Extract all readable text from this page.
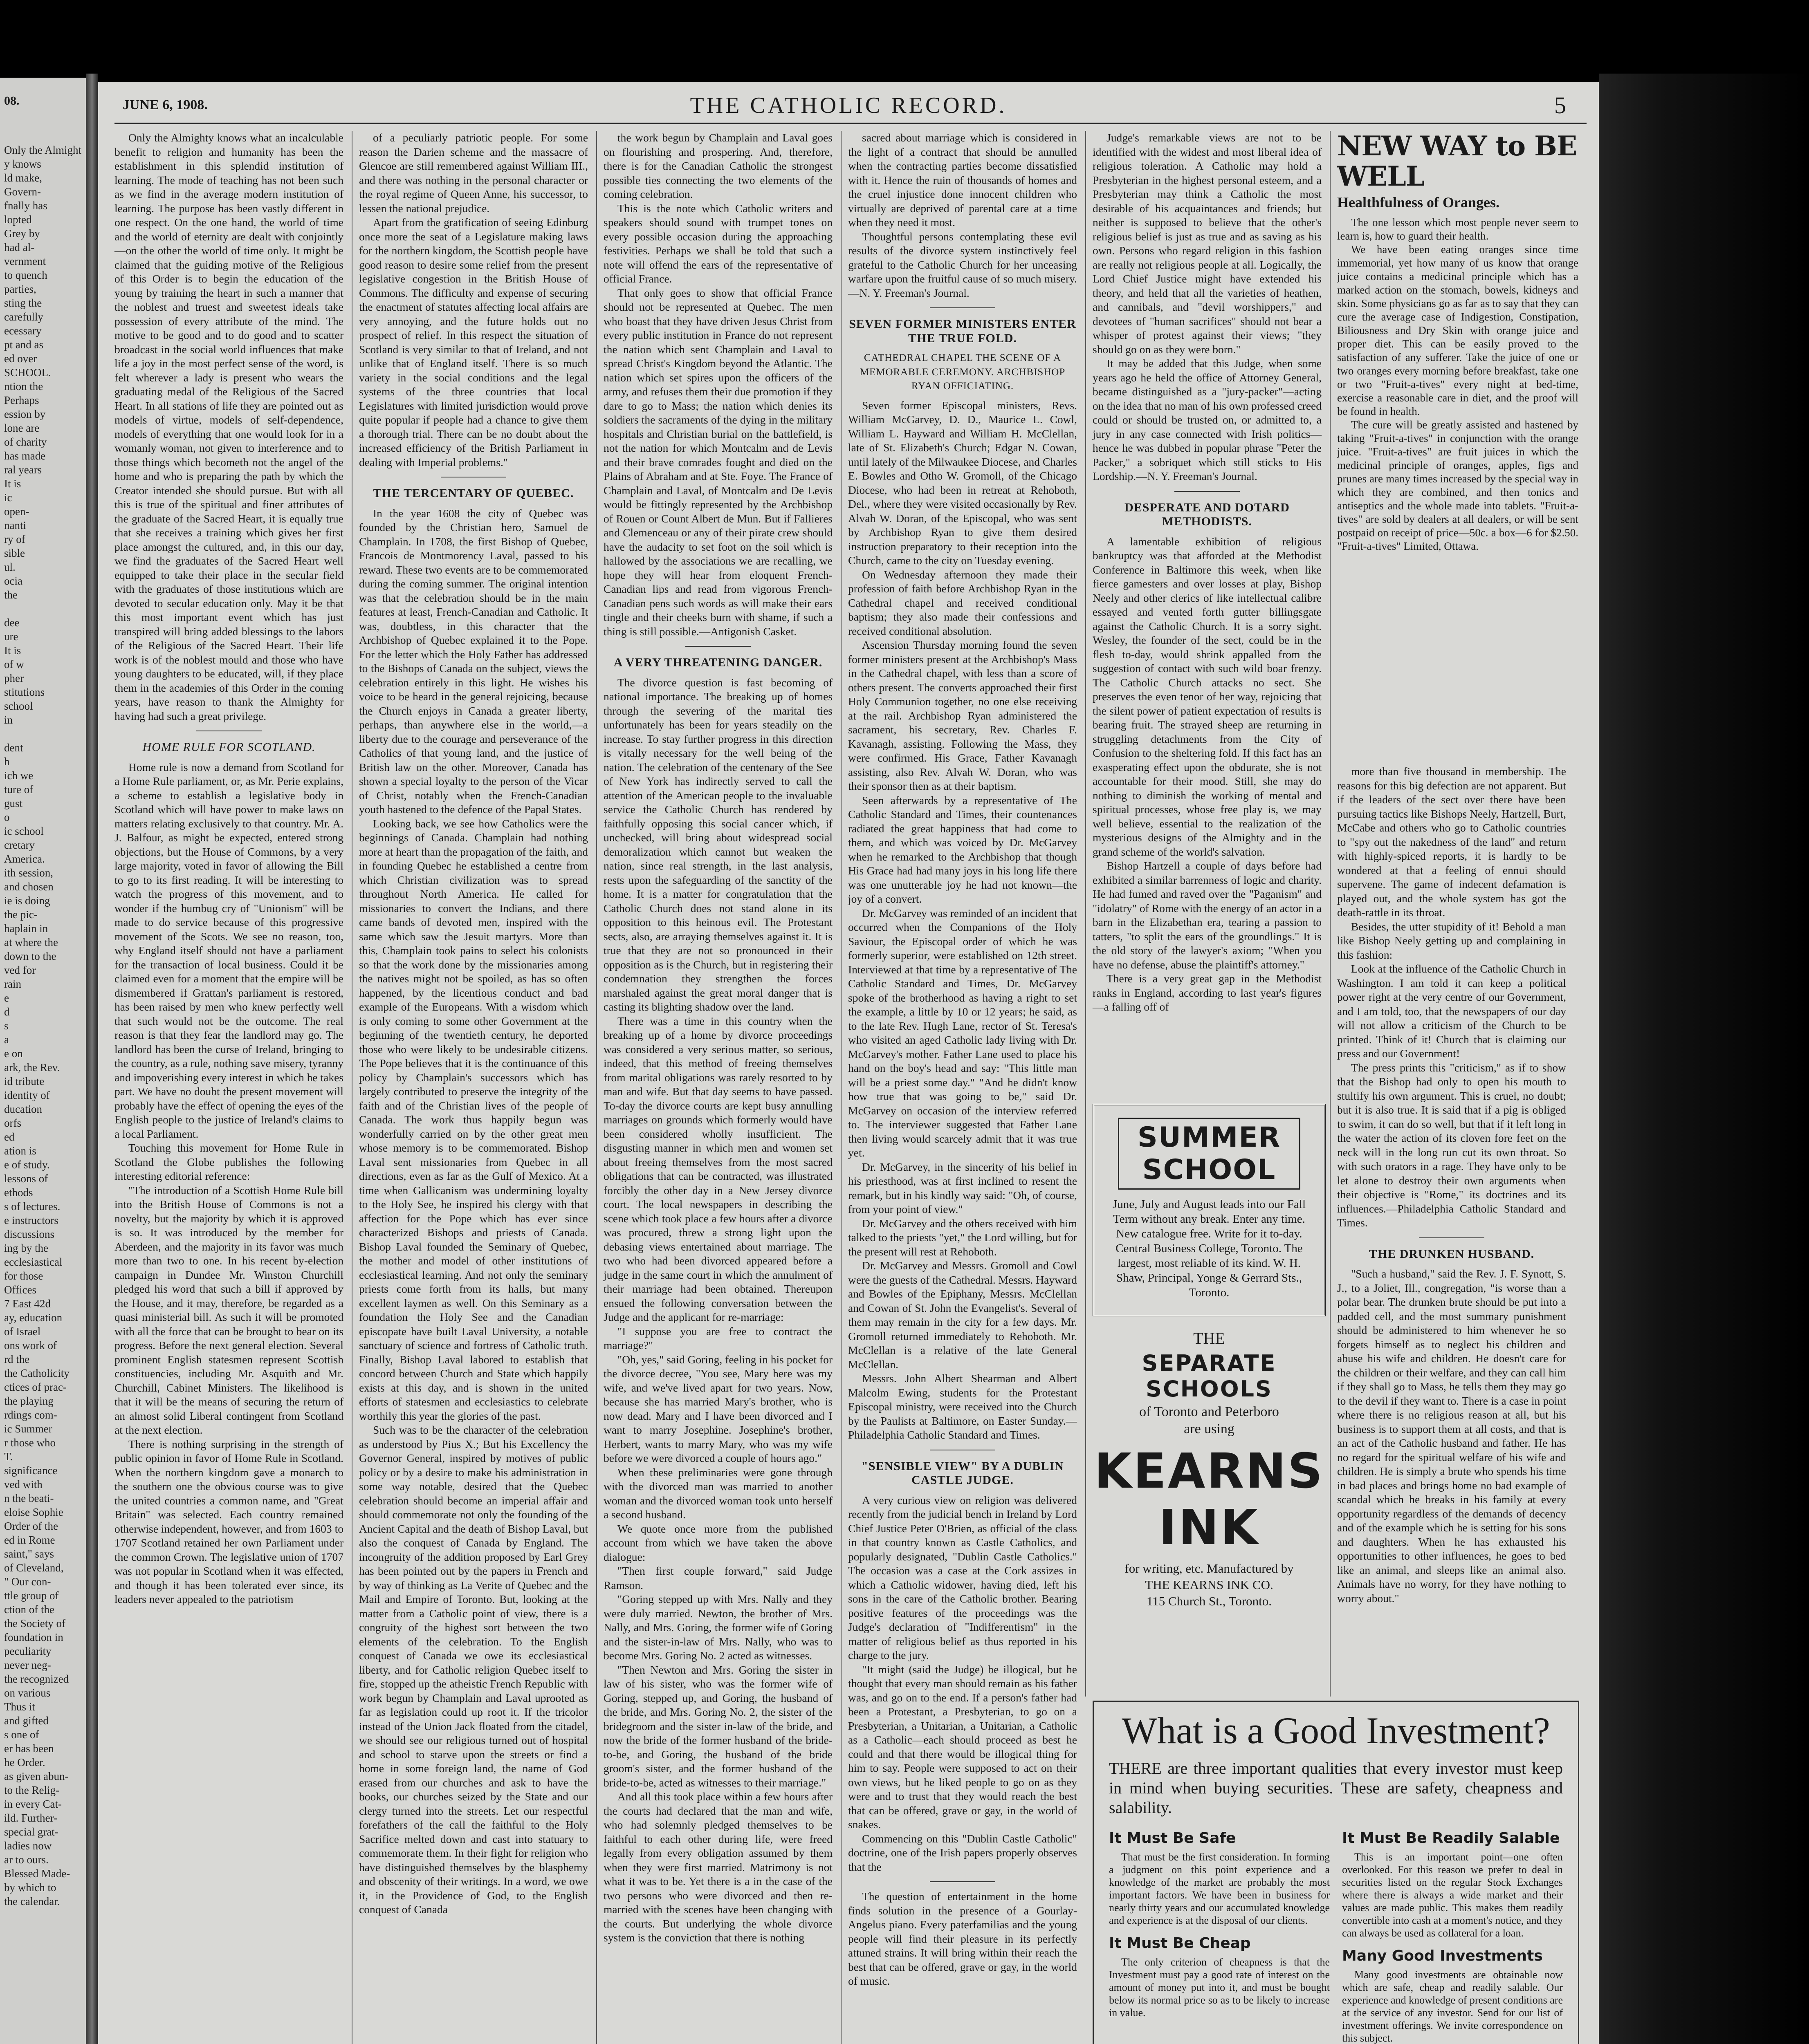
Only the Almighty knows
ld make,
Govern-
fnally has
lopted
Grey by
had al-
vernment
to quench
parties,
sting the
carefully
ecessary
pt and as
ed over
SCHOOL.
ntion the
Perhaps
ession by
lone are
of charity
has made
ral years
It is
ic
open-
nanti
ry of
sible
ul.
ocia
the

dee
ure
It is
of w
pher
stitutions
school
in

dent
h
ich we
ture of
gust
o
ic school
cretary
America.
ith session,
and chosen
ie is doing
the pic-
haplain in
at where the
down to the
ved for
rain
e
d
s
a
e on
ark, the Rev.
id tribute
identity of
ducation
orfs
ed
ation is
e of study.
lessons of
ethods
s of lectures.
e instructors
discussions
ing by the
ecclesiastical
for those
Offices
7 East 42d
ay, education
of Israel
ons work of
rd the
the Catholicity
ctices of prac-
the playing
rdings com-
ic Summer
r those who
T.
significance
ved with
n the beati-
eloise Sophie
Order of the
ed in Rome
saint," says
of Cleveland,
" Our con-
ttle group of
ction of the
the Society of
foundation in
peculiarity
never neg-
the recognized
on various
Thus it
and gifted
s one of
er has been
he Order.
as given abun-
to the Relig-
in every Cat-
ild. Further-
special grat-
ladies now
ar to ours.
Blessed Made-
by which to
the calendar.
08.	JUNE 6, 1908.	THE CATHOLIC RECORD.	5

Only the Almighty knows what an incalculable benefit to religion and humanity has been the establishment in this splendid institution of learning. The mode of teaching has not been such as we find in the average modern institution of learning. The purpose has been vastly different in one respect. On the one hand, the world of time and the world of eternity are dealt with conjointly—on the other the world of time only. It might be claimed that the guiding motive of the Religious of this Order is to begin the education of the young by training the heart in such a manner that the noblest and truest and sweetest ideals take possession of every attribute of the mind. The motive to be good and to do good and to scatter broadcast in the social world influences that make life a joy in the most perfect sense of the word, is felt wherever a lady is present who wears the graduating medal of the Religious of the Sacred Heart. In all stations of life they are pointed out as models of virtue, models of self-dependence, models of everything that one would look for in a womanly woman, not given to interference and to those things which becometh not the angel of the home and who is preparing the path by which the Creator intended she should pursue. But with all this is true of the spiritual and finer attributes of the graduate of the Sacred Heart, it is equally true that she receives a training which gives her first place amongst the cultured, and, in this our day, we find the graduates of the Sacred Heart well equipped to take their place in the secular field with the graduates of those institutions which are devoted to secular education only. May it be that this most important event which has just transpired will bring added blessings to the labors of the Religious of the Sacred Heart. Their life work is of the noblest mould and those who have young daughters to be educated, will, if they place them in the academies of this Order in the coming years, have reason to thank the Almighty for having had such a great privilege.

HOME RULE FOR SCOTLAND.

Home rule is now a demand from Scotland for a Home Rule parliament, or, as Mr. Perie explains, a scheme to establish a legislative body in Scotland which will have power to make laws on matters relating exclusively to that country. Mr. A. J. Balfour, as might be expected, entered strong objections, but the House of Commons, by a very large majority, voted in favor of allowing the Bill to go to its first reading. It will be interesting to watch the progress of this movement, and to wonder if the humbug cry of "Unionism" will be made to do service because of this progressive movement of the Scots. We see no reason, too, why England itself should not have a parliament for the transaction of local business. Could it be claimed even for a moment that the empire will be dismembered if Grattan's parliament is restored, has been raised by men who knew perfectly well that such would not be the outcome. The real reason is that they fear the landlord may go. The landlord has been the curse of Ireland, bringing to the country, as a rule, nothing save misery, tyranny and impoverishing every interest in which he takes part. We have no doubt the present movement will probably have the effect of opening the eyes of the English people to the justice of Ireland's claims to a local Parliament.

Touching this movement for Home Rule in Scotland the Globe publishes the following interesting editorial reference:

"The introduction of a Scottish Home Rule bill into the British House of Commons is not a novelty, but the majority by which it is approved is so. It was introduced by the member for Aberdeen, and the majority in its favor was much more than two to one. In his recent by-election campaign in Dundee Mr. Winston Churchill pledged his word that such a bill if approved by the House, and it may, therefore, be regarded as a quasi ministerial bill. As such it will be promoted with all the force that can be brought to bear on its progress. Before the next general election. Several prominent English statesmen represent Scottish constituencies, including Mr. Asquith and Mr. Churchill, Cabinet Ministers. The likelihood is that it will be the means of securing the return of an almost solid Liberal contingent from Scotland at the next election.

There is nothing surprising in the strength of public opinion in favor of Home Rule in Scotland. When the northern kingdom gave a monarch to the southern one the obvious course was to give the united countries a common name, and "Great Britain" was selected. Each country remained otherwise independent, however, and from 1603 to 1707 Scotland retained her own Parliament under the common Crown. The legislative union of 1707 was not popular in Scotland when it was effected, and though it has been tolerated ever since, its leaders never appealed to the patriotism

of a peculiarly patriotic people. For some reason the Darien scheme and the massacre of Glencoe are still remembered against William III., and there was nothing in the personal character or the royal regime of Queen Anne, his successor, to lessen the national prejudice.

Apart from the gratification of seeing Edinburg once more the seat of a Legislature making laws for the northern kingdom, the Scottish people have good reason to desire some relief from the present legislative congestion in the British House of Commons. The difficulty and expense of securing the enactment of statutes affecting local affairs are very annoying, and the future holds out no prospect of relief. In this respect the situation of Scotland is very similar to that of Ireland, and not unlike that of England itself. There is so much variety in the social conditions and the legal systems of the three countries that local Legislatures with limited jurisdiction would prove quite popular if people had a chance to give them a thorough trial. There can be no doubt about the increased efficiency of the British Parliament in dealing with Imperial problems."

THE TERCENTARY OF QUEBEC.

In the year 1608 the city of Quebec was founded by the Christian hero, Samuel de Champlain. In 1708, the first Bishop of Quebec, Francois de Montmorency Laval, passed to his reward. These two events are to be commemorated during the coming summer. The original intention was that the celebration should be in the main features at least, French-Canadian and Catholic. It was, doubtless, in this character that the Archbishop of Quebec explained it to the Pope. For the letter which the Holy Father has addressed to the Bishops of Canada on the subject, views the celebration entirely in this light. He wishes his voice to be heard in the general rejoicing, because the Church enjoys in Canada a greater liberty, perhaps, than anywhere else in the world,—a liberty due to the courage and perseverance of the Catholics of that young land, and the justice of British law on the other. Moreover, Canada has shown a special loyalty to the person of the Vicar of Christ, notably when the French-Canadian youth hastened to the defence of the Papal States.

Looking back, we see how Catholics were the beginnings of Canada. Champlain had nothing more at heart than the propagation of the faith, and in founding Quebec he established a centre from which Christian civilization was to spread throughout North America. He called for missionaries to convert the Indians, and there came bands of devoted men, inspired with the same which saw the Jesuit martyrs. More than this, Champlain took pains to select his colonists so that the work done by the missionaries among the natives might not be spoiled, as has so often happened, by the licentious conduct and bad example of the Europeans. With a wisdom which is only coming to some other Government at the beginning of the twentieth century, he deported those who were likely to be undesirable citizens. The Pope believes that it is the continuance of this policy by Champlain's successors which has largely contributed to preserve the integrity of the faith and of the Christian lives of the people of Canada. The work thus happily begun was wonderfully carried on by the other great men whose memory is to be commemorated. Bishop Laval sent missionaries from Quebec in all directions, even as far as the Gulf of Mexico. At a time when Gallicanism was undermining loyalty to the Holy See, he inspired his clergy with that affection for the Pope which has ever since characterized Bishops and priests of Canada. Bishop Laval founded the Seminary of Quebec, the mother and model of other institutions of ecclesiastical learning. And not only the seminary priests come forth from its halls, but many excellent laymen as well. On this Seminary as a foundation the Holy See and the Canadian episcopate have built Laval University, a notable sanctuary of science and fortress of Catholic truth. Finally, Bishop Laval labored to establish that concord between Church and State which happily exists at this day, and is shown in the united efforts of statesmen and ecclesiastics to celebrate worthily this year the glories of the past.

Such was to be the character of the celebration as understood by Pius X.; But his Excellency the Governor General, inspired by motives of public policy or by a desire to make his administration in some way notable, desired that the Quebec celebration should become an imperial affair and should commemorate not only the founding of the Ancient Capital and the death of Bishop Laval, but also the conquest of Canada by England. The incongruity of the addition proposed by Earl Grey has been pointed out by the papers in French and by way of thinking as La Verite of Quebec and the Mail and Empire of Toronto. But, looking at the matter from a Catholic point of view, there is a congruity of the highest sort between the two elements of the celebration. To the English conquest of Canada we owe its ecclesiastical liberty, and for Catholic religion Quebec itself to fire, stopped up the atheistic French Republic with work begun by Champlain and Laval uprooted as far as legislation could up root it. If the tricolor instead of the Union Jack floated from the citadel, we should see our religious turned out of hospital and school to starve upon the streets or find a home in some foreign land, the name of God erased from our churches and ask to have the books, our churches seized by the State and our clergy turned into the streets. Let our respectful forefathers of the call the faithful to the Holy Sacrifice melted down and cast into statuary to commemorate them. In their fight for religion who have distinguished themselves by the blasphemy and obscenity of their writings. In a word, we owe it, in the Providence of God, to the English conquest of Canada

the work begun by Champlain and Laval goes on flourishing and prospering. And, therefore, there is for the Canadian Catholic the strongest possible ties connecting the two elements of the coming celebration.

This is the note which Catholic writers and speakers should sound with trumpet tones on every possible occasion during the approaching festivities. Perhaps we shall be told that such a note will offend the ears of the representative of official France.

That only goes to show that official France should not be represented at Quebec. The men who boast that they have driven Jesus Christ from every public institution in France do not represent the nation which sent Champlain and Laval to spread Christ's Kingdom beyond the Atlantic. The nation which set spires upon the officers of the army, and refuses them their due promotion if they dare to go to Mass; the nation which denies its soldiers the sacraments of the dying in the military hospitals and Christian burial on the battlefield, is not the nation for which Montcalm and de Levis and their brave comrades fought and died on the Plains of Abraham and at Ste. Foye. The France of Champlain and Laval, of Montcalm and De Levis would be fittingly represented by the Archbishop of Rouen or Count Albert de Mun. But if Fallieres and Clemenceau or any of their pirate crew should have the audacity to set foot on the soil which is hallowed by the associations we are recalling, we hope they will hear from eloquent French-Canadian lips and read from vigorous French-Canadian pens such words as will make their ears tingle and their cheeks burn with shame, if such a thing is still possible.—Antigonish Casket.

A VERY THREATENING DANGER.

The divorce question is fast becoming of national importance. The breaking up of homes through the severing of the marital ties unfortunately has been for years steadily on the increase. To stay further progress in this direction is vitally necessary for the well being of the nation. The celebration of the centenary of the See of New York has indirectly served to call the attention of the American people to the invaluable service the Catholic Church has rendered by faithfully opposing this social cancer which, if unchecked, will bring about widespread social demoralization which cannot but weaken the nation, since real strength, in the last analysis, rests upon the safeguarding of the sanctity of the home. It is a matter for congratulation that the Catholic Church does not stand alone in its opposition to this heinous evil. The Protestant sects, also, are arraying themselves against it. It is true that they are not so pronounced in their opposition as is the Church, but in registering their condemnation they strengthen the forces marshaled against the great moral danger that is casting its blighting shadow over the land.

There was a time in this country when the breaking up of a home by divorce proceedings was considered a very serious matter, so serious, indeed, that this method of freeing themselves from marital obligations was rarely resorted to by man and wife. But that day seems to have passed. To-day the divorce courts are kept busy annulling marriages on grounds which formerly would have been considered wholly insufficient. The disgusting manner in which men and women set about freeing themselves from the most sacred obligations that can be contracted, was illustrated forcibly the other day in a New Jersey divorce court. The local newspapers in describing the scene which took place a few hours after a divorce was procured, threw a strong light upon the debasing views entertained about marriage. The two who had been divorced appeared before a judge in the same court in which the annulment of their marriage had been obtained. Thereupon ensued the following conversation between the Judge and the applicant for re-marriage:

"I suppose you are free to contract the marriage?"

"Oh, yes," said Goring, feeling in his pocket for the divorce decree, "You see, Mary here was my wife, and we've lived apart for two years. Now, because she has married Mary's brother, who is now dead. Mary and I have been divorced and I want to marry Josephine. Josephine's brother, Herbert, wants to marry Mary, who was my wife before we were divorced a couple of hours ago."

When these preliminaries were gone through with the divorced man was married to another woman and the divorced woman took unto herself a second husband.

We quote once more from the published account from which we have taken the above dialogue:

"Then first couple forward," said Judge Ramson.

"Goring stepped up with Mrs. Nally and they were duly married. Newton, the brother of Mrs. Nally, and Mrs. Goring, the former wife of Goring and the sister-in-law of Mrs. Nally, who was to become Mrs. Goring No. 2 acted as witnesses.

"Then Newton and Mrs. Goring the sister in law of his sister, who was the former wife of Goring, stepped up, and Goring, the husband of the bride, and Mrs. Goring No. 2, the sister of the bridegroom and the sister in-law of the bride, and now the bride of the former husband of the bride-to-be, and Goring, the husband of the bride groom's sister, and the former husband of the bride-to-be, acted as witnesses to their marriage."

And all this took place within a few hours after the courts had declared that the man and wife, who had solemnly pledged themselves to be faithful to each other during life, were freed legally from every obligation assumed by them when they were first married. Matrimony is not what it was to be. Yet there is a in the case of the two persons who were divorced and then re-married with the scenes have been changing with the courts. But underlying the whole divorce system is the conviction that there is nothing

sacred about marriage which is considered in the light of a contract that should be annulled when the contracting parties become dissatisfied with it. Hence the ruin of thousands of homes and the cruel injustice done innocent children who virtually are deprived of parental care at a time when they need it most.

Thoughtful persons contemplating these evil results of the divorce system instinctively feel grateful to the Catholic Church for her unceasing warfare upon the fruitful cause of so much misery.—N. Y. Freeman's Journal.

SEVEN FORMER MINISTERS ENTER THE TRUE FOLD.
CATHEDRAL CHAPEL THE SCENE OF A MEMORABLE CEREMONY. ARCHBISHOP RYAN OFFICIATING.

Seven former Episcopal ministers, Revs. William McGarvey, D. D., Maurice L. Cowl, William L. Hayward and William H. McClellan, late of St. Elizabeth's Church; Edgar N. Cowan, until lately of the Milwaukee Diocese, and Charles E. Bowles and Otho W. Gromoll, of the Chicago Diocese, who had been in retreat at Rehoboth, Del., where they were visited occasionally by Rev. Alvah W. Doran, of the Episcopal, who was sent by Archbishop Ryan to give them desired instruction preparatory to their reception into the Church, came to the city on Tuesday evening.

On Wednesday afternoon they made their profession of faith before Archbishop Ryan in the Cathedral chapel and received conditional baptism; they also made their confessions and received conditional absolution.

Ascension Thursday morning found the seven former ministers present at the Archbishop's Mass in the Cathedral chapel, with less than a score of others present. The converts approached their first Holy Communion together, no one else receiving at the rail. Archbishop Ryan administered the sacrament, his secretary, Rev. Charles F. Kavanagh, assisting. Following the Mass, they were confirmed. His Grace, Father Kavanagh assisting, also Rev. Alvah W. Doran, who was their sponsor then as at their baptism.

Seen afterwards by a representative of The Catholic Standard and Times, their countenances radiated the great happiness that had come to them, and which was voiced by Dr. McGarvey when he remarked to the Archbishop that though His Grace had had many joys in his long life there was one unutterable joy he had not known—the joy of a convert.

Dr. McGarvey was reminded of an incident that occurred when the Companions of the Holy Saviour, the Episcopal order of which he was formerly superior, were established on 12th street. Interviewed at that time by a representative of The Catholic Standard and Times, Dr. McGarvey spoke of the brotherhood as having a right to set the example, a little by 10 or 12 years; he said, as to the late Rev. Hugh Lane, rector of St. Teresa's who visited an aged Catholic lady living with Dr. McGarvey's mother. Father Lane used to place his hand on the boy's head and say: "This little man will be a priest some day." "And he didn't know how true that was going to be," said Dr. McGarvey on occasion of the interview referred to. The interviewer suggested that Father Lane then living would scarcely admit that it was true yet.

Dr. McGarvey, in the sincerity of his belief in his priesthood, was at first inclined to resent the remark, but in his kindly way said: "Oh, of course, from your point of view."

Dr. McGarvey and the others received with him talked to the priests "yet," the Lord willing, but for the present will rest at Rehoboth.

Dr. McGarvey and Messrs. Gromoll and Cowl were the guests of the Cathedral. Messrs. Hayward and Bowles of the Epiphany, Messrs. McClellan and Cowan of St. John the Evangelist's. Several of them may remain in the city for a few days. Mr. Gromoll returned immediately to Rehoboth. Mr. McClellan is a relative of the late General McClellan.

Messrs. John Albert Shearman and Albert Malcolm Ewing, students for the Protestant Episcopal ministry, were received into the Church by the Paulists at Baltimore, on Easter Sunday.—Philadelphia Catholic Standard and Times.

"SENSIBLE VIEW" BY A DUBLIN CASTLE JUDGE.

A very curious view on religion was delivered recently from the judicial bench in Ireland by Lord Chief Justice Peter O'Brien, as official of the class in that country known as Castle Catholics, and popularly designated, "Dublin Castle Catholics." The occasion was a case at the Cork assizes in which a Catholic widower, having died, left his sons in the care of the Catholic brother. Bearing positive features of the proceedings was the Judge's declaration of "Indifferentism" in the matter of religious belief as thus reported in his charge to the jury.

"It might (said the Judge) be illogical, but he thought that every man should remain as his father was, and go on to the end. If a person's father had been a Protestant, a Presbyterian, to go on a Presbyterian, a Unitarian, a Unitarian, a Catholic as a Catholic—each should proceed as best he could and that there would be illogical thing for him to say. People were supposed to act on their own views, but he liked people to go on as they were and to trust that they would reach the best that can be offered, grave or gay, in the world of snakes.

Commencing on this "Dublin Castle Catholic" doctrine, one of the Irish papers properly observes that the

The question of entertainment in the home finds solution in the presence of a Gourlay-Angelus piano. Every paterfamilias and the young people will find their pleasure in its perfectly attuned strains. It will bring within their reach the best that can be offered, grave or gay, in the world of music.

Judge's remarkable views are not to be identified with the widest and most liberal idea of religious toleration. A Catholic may hold a Presbyterian in the highest personal esteem, and a Presbyterian may think a Catholic the most desirable of his acquaintances and friends; but neither is supposed to believe that the other's religious belief is just as true and as saving as his own. Persons who regard religion in this fashion are really not religious people at all. Logically, the Lord Chief Justice might have extended his theory, and held that all the varieties of heathen, and cannibals, and "devil worshippers," and devotees of "human sacrifices" should not bear a whisper of protest against their views; "they should go on as they were born."

It may be added that this Judge, when some years ago he held the office of Attorney General, became distinguished as a "jury-packer"—acting on the idea that no man of his own professed creed could or should be trusted on, or admitted to, a jury in any case connected with Irish politics—hence he was dubbed in popular phrase "Peter the Packer," a sobriquet which still sticks to His Lordship.—N. Y. Freeman's Journal.

DESPERATE AND DOTARD METHODISTS.

A lamentable exhibition of religious bankruptcy was that afforded at the Methodist Conference in Baltimore this week, when like fierce gamesters and over losses at play, Bishop Neely and other clerics of like intellectual calibre essayed and vented forth gutter billingsgate against the Catholic Church. It is a sorry sight. Wesley, the founder of the sect, could be in the flesh to-day, would shrink appalled from the suggestion of contact with such wild boar frenzy. The Catholic Church attacks no sect. She preserves the even tenor of her way, rejoicing that the silent power of patient expectation of results is bearing fruit. The strayed sheep are returning in struggling detachments from the City of Confusion to the sheltering fold. If this fact has an exasperating effect upon the obdurate, she is not accountable for their mood. Still, she may do nothing to diminish the working of mental and spiritual processes, whose free play is, we may well believe, essential to the realization of the mysterious designs of the Almighty and in the grand scheme of the world's salvation.

Bishop Hartzell a couple of days before had exhibited a similar barrenness of logic and charity. He had fumed and raved over the "Paganism" and "idolatry" of Rome with the energy of an actor in a barn in the Elizabethan era, tearing a passion to tatters, "to split the ears of the groundlings." It is the old story of the lawyer's axiom; "When you have no defense, abuse the plaintiff's attorney."

There is a very great gap in the Methodist ranks in England, according to last year's figures—a falling off of

NEW WAY to BE WELL
Healthfulness of Oranges.

The one lesson which most people never seem to learn is, how to guard their health.

We have been eating oranges since time immemorial, yet how many of us know that orange juice contains a medicinal principle which has a marked action on the stomach, bowels, kidneys and skin. Some physicians go as far as to say that they can cure the average case of Indigestion, Constipation, Biliousness and Dry Skin with orange juice and proper diet. This can be easily proved to the satisfaction of any sufferer. Take the juice of one or two oranges every morning before breakfast, take one or two "Fruit-a-tives" every night at bed-time, exercise a reasonable care in diet, and the proof will be found in health.

The cure will be greatly assisted and hastened by taking "Fruit-a-tives" in conjunction with the orange juice. "Fruit-a-tives" are fruit juices in which the medicinal principle of oranges, apples, figs and prunes are many times increased by the special way in which they are combined, and then tonics and antiseptics and the whole made into tablets. "Fruit-a-tives" are sold by dealers at all dealers, or will be sent postpaid on receipt of price—50c. a box—6 for $2.50. "Fruit-a-tives" Limited, Ottawa.

more than five thousand in membership. The reasons for this big defection are not apparent. But if the leaders of the sect over there have been pursuing tactics like Bishops Neely, Hartzell, Burt, McCabe and others who go to Catholic countries to "spy out the nakedness of the land" and return with highly-spiced reports, it is hardly to be wondered at that a feeling of ennui should supervene. The game of indecent defamation is played out, and the whole system has got the death-rattle in its throat.

Besides, the utter stupidity of it! Behold a man like Bishop Neely getting up and complaining in this fashion:

Look at the influence of the Catholic Church in Washington. I am told it can keep a political power right at the very centre of our Government, and I am told, too, that the newspapers of our day will not allow a criticism of the Church to be printed. Think of it! Church that is claiming our press and our Government!

The press prints this "criticism," as if to show that the Bishop had only to open his mouth to stultify his own argument. This is cruel, no doubt; but it is also true. It is said that if a pig is obliged to swim, it can do so well, but that if it left long in the water the action of its cloven fore feet on the neck will in the long run cut its own throat. So with such orators in a rage. They have only to be let alone to destroy their own arguments when their objective is "Rome," its doctrines and its influences.—Philadelphia Catholic Standard and Times.

THE DRUNKEN HUSBAND.

"Such a husband," said the Rev. J. F. Synott, S. J., to a Joliet, Ill., congregation, "is worse than a polar bear. The drunken brute should be put into a padded cell, and the most summary punishment should be administered to him whenever he so forgets himself as to neglect his children and abuse his wife and children. He doesn't care for the children or their welfare, and they can call him if they shall go to Mass, he tells them they may go to the devil if they want to. There is a case in point where there is no religious reason at all, but his business is to support them at all costs, and that is an act of the Catholic husband and father. He has no regard for the spiritual welfare of his wife and children. He is simply a brute who spends his time in bad places and brings home no bad example of scandal which he breaks in his family at every opportunity regardless of the demands of decency and of the example which he is setting for his sons and daughters. When he has exhausted his opportunities to other influences, he goes to bed like an animal, and sleeps like an animal also. Animals have no worry, for they have nothing to worry about."

SUMMER SCHOOL

June, July and August leads into our Fall Term without any break. Enter any time. New catalogue free. Write for it to-day. Central Business College, Toronto. The largest, most reliable of its kind. W. H. Shaw, Principal, Yonge & Gerrard Sts., Toronto.

THE
SEPARATE SCHOOLS
of Toronto and Peterboro
are using
KEARNS INK
for writing, etc. Manufactured by
THE KEARNS INK CO.
115 Church St., Toronto.
What is a Good Investment?

THERE are three important qualities that every investor must keep in mind when buying securities. These are safety, cheapness and salability.

It Must Be Safe

That must be the first consideration. In forming a judgment on this point experience and a knowledge of the market are probably the most important factors. We have been in business for nearly thirty years and our accumulated knowledge and experience is at the disposal of our clients.

It Must Be Cheap

The only criterion of cheapness is that the Investment must pay a good rate of interest on the amount of money put into it, and must be bought below its normal price so as to be likely to increase in value.

It Must Be Readily Salable

This is an important point—one often overlooked. For this reason we prefer to deal in securities listed on the regular Stock Exchanges where there is always a wide market and their values are made public. This makes them readily convertible into cash at a moment's notice, and they can always be used as collateral for a loan.

Many Good Investments

Many good investments are obtainable now which are safe, cheap and readily salable. Our experience and knowledge of present conditions are at the service of any investor. Send for our list of investment offerings. We invite correspondence on this subject.
